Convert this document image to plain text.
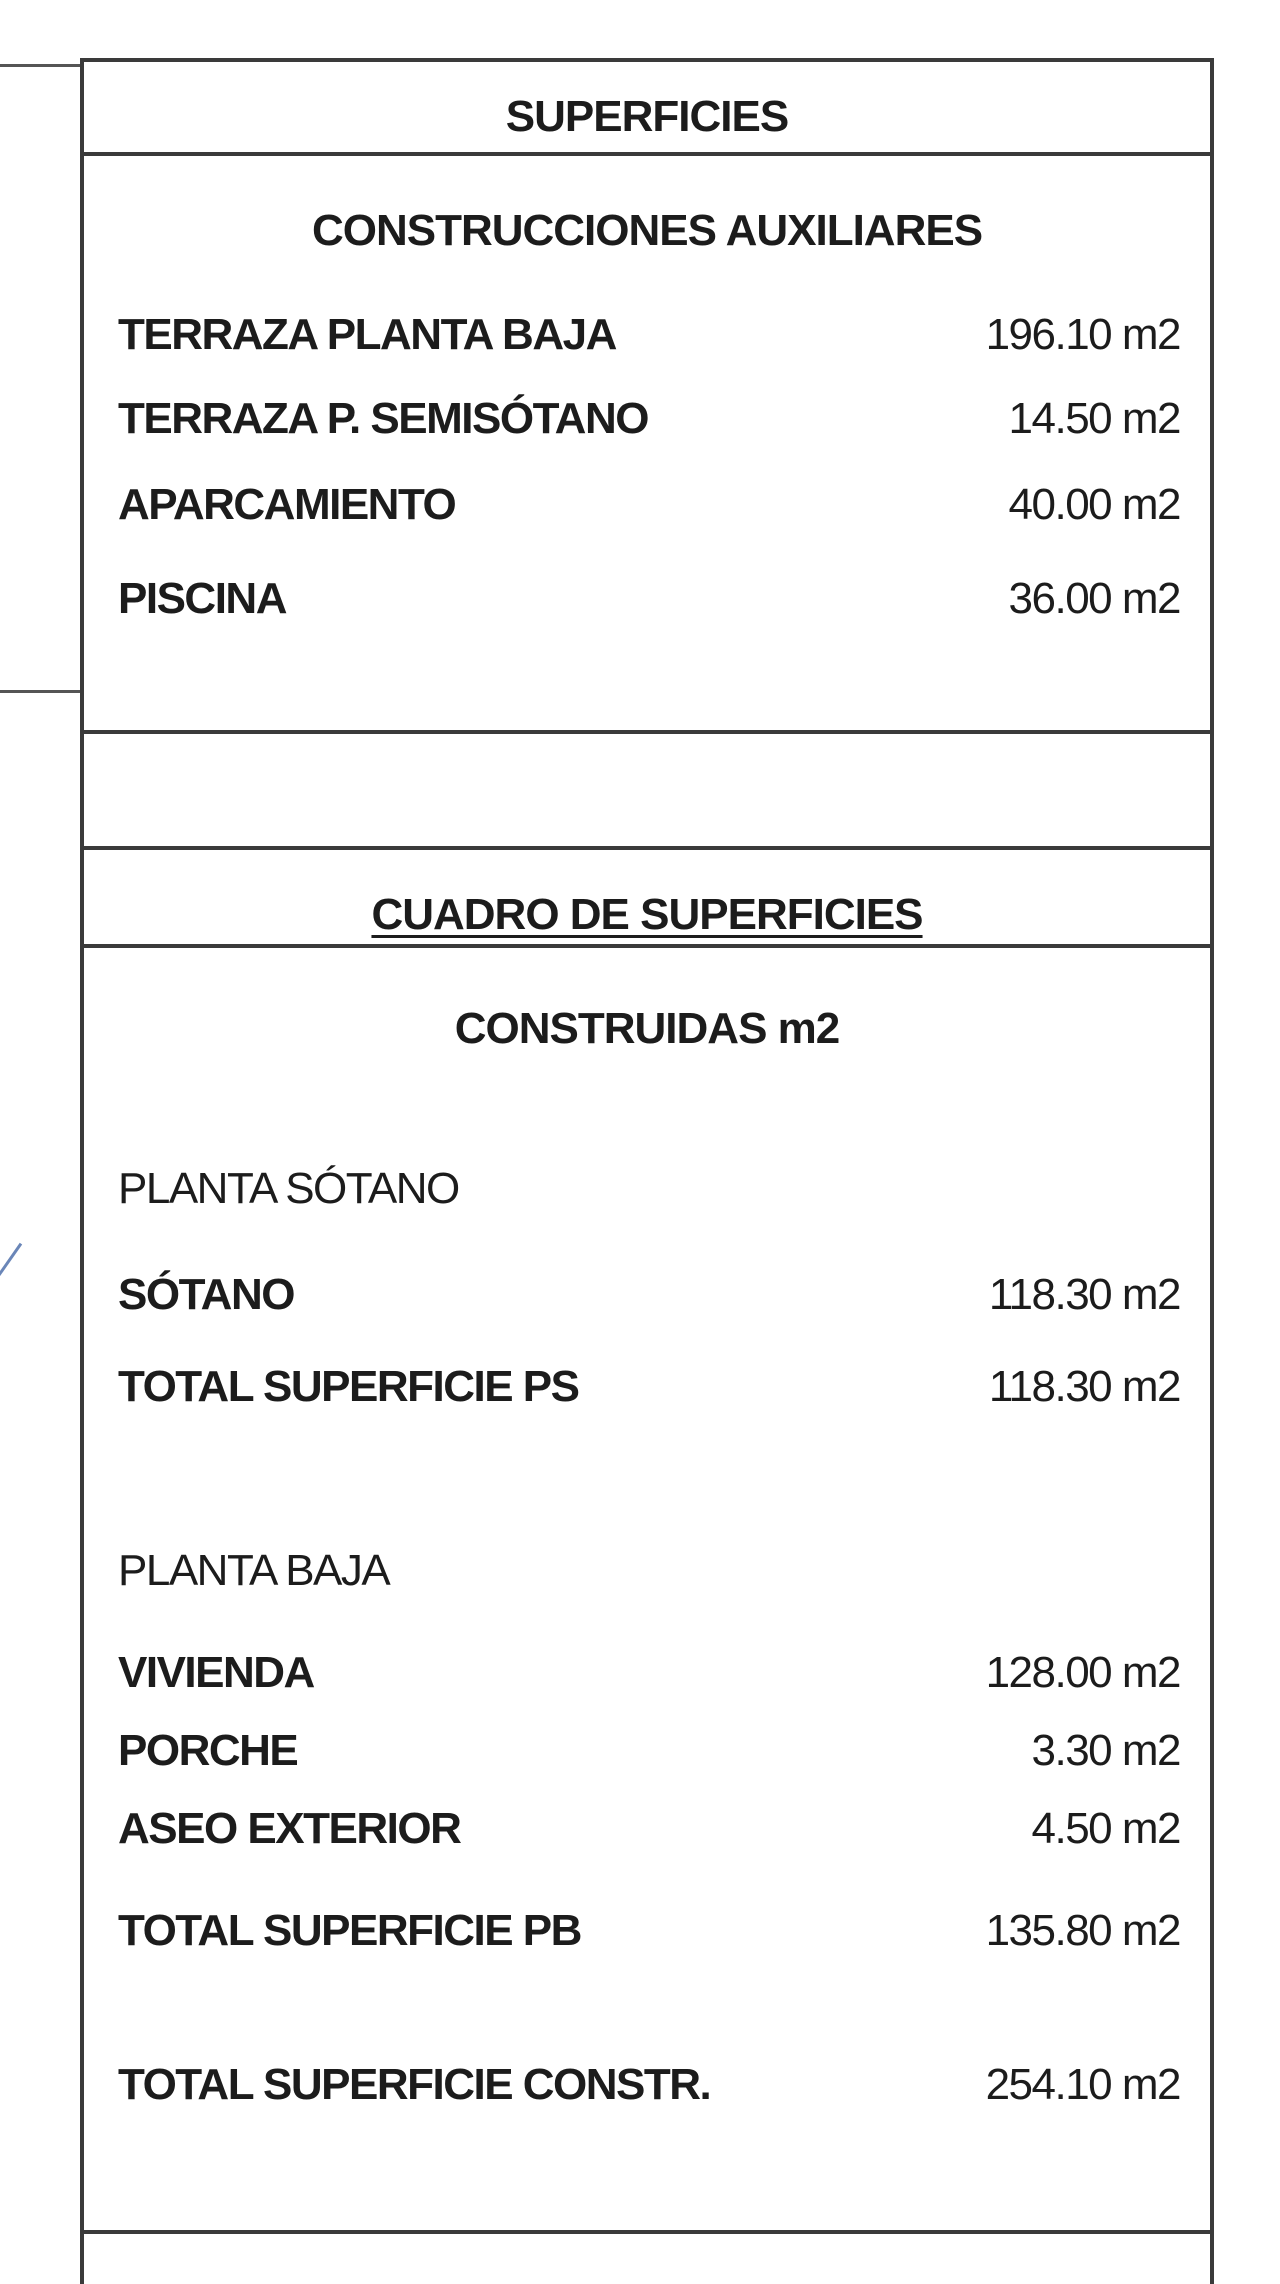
SUPERFICIES
CONSTRUCCIONES AUXILIARES
TERRAZA PLANTA BAJA	196.10 m2
TERRAZA P. SEMISÓTANO	14.50 m2
APARCAMIENTO	40.00 m2
PISCINA	36.00 m2
CUADRO DE SUPERFICIES
CONSTRUIDAS m2
PLANTA SÓTANO
SÓTANO	118.30 m2
TOTAL SUPERFICIE PS	118.30 m2
PLANTA BAJA
VIVIENDA	128.00 m2
PORCHE	3.30 m2
ASEO EXTERIOR	4.50 m2
TOTAL SUPERFICIE PB	135.80 m2
TOTAL SUPERFICIE CONSTR.	254.10 m2
